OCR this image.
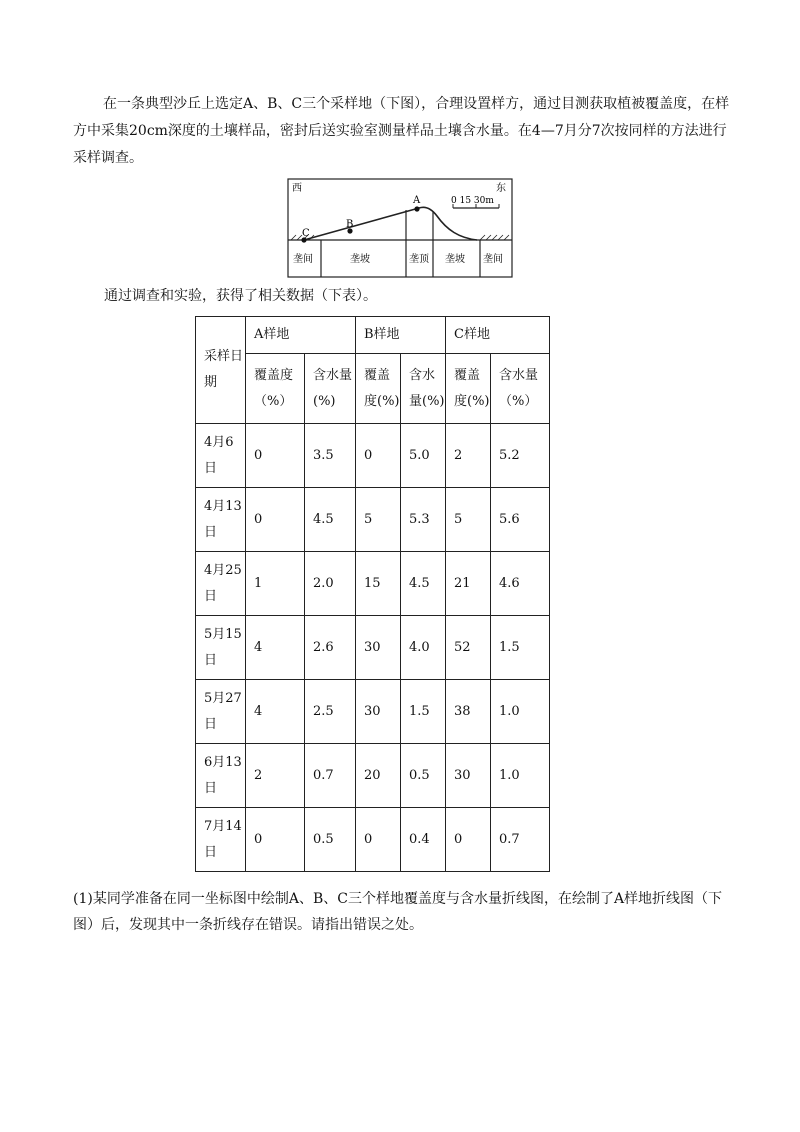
在一条典型沙丘上选定A、B、C三个采样地（下图），合理设置样方，通过目测获取植被覆盖度，在样方中采集20cm深度的土壤样品，密封后送实验室测量样品土壤含水量。在4—7月分7次按同样的方法进行采样调查。

西	东
0 15 30m
A
B
C
垄间	垄坡	垄顶 垄坡 垄间

通过调查和实验，获得了相关数据（下表）。

采样日期	A样地		B样地		C样地	
	覆盖度（%）	含水量(%)	覆盖度(%)	含水量(%)	覆盖度(%)	含水量（%）
4月6日	0	3.5	0	5.0	2	5.2
4月13日	0	4.5	5	5.3	5	5.6
4月25日	1	2.0	15	4.5	21	4.6
5月15日	4	2.6	30	4.0	52	1.5
5月27日	4	2.5	30	1.5	38	1.0
6月13日	2	0.7	20	0.5	30	1.0
7月14日	0	0.5	0	0.4	0	0.7

(1)某同学准备在同一坐标图中绘制A、B、C三个样地覆盖度与含水量折线图，在绘制了A样地折线图（下图）后，发现其中一条折线存在错误。请指出错误之处。
